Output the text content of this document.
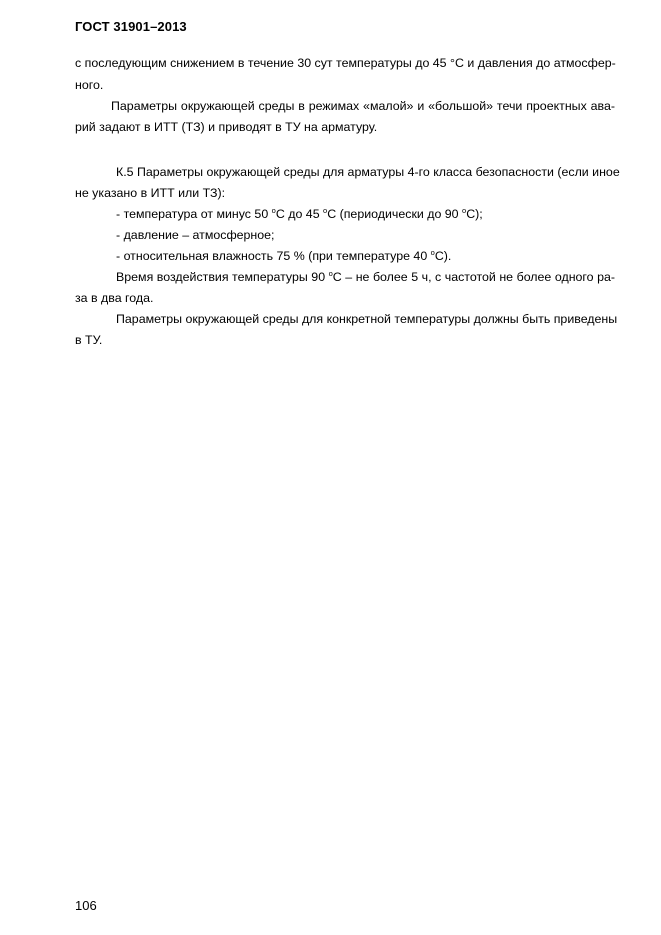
ГОСТ 31901–2013
с последующим снижением в течение 30 сут температуры до 45 °С и давления до атмосфер-
ного.
Параметры окружающей среды в режимах «малой» и «большой» течи проектных ава-
рий задают в ИТТ (ТЗ) и приводят в ТУ на арматуру.
К.5 Параметры окружающей среды для арматуры 4-го класса безопасности (если иное
не указано в ИТТ или ТЗ):
- температура от минус 50 $^о$С до 45 $^о$С (периодически до 90 $^о$С);
- давление – атмосферное;
- относительная влажность 75 % (при температуре 40 $^о$С).
Время воздействия температуры 90 $^о$С – не более 5 ч, с частотой не более одного ра-
за в два года.
Параметры окружающей среды для конкретной температуры должны быть приведены
в ТУ.
106
